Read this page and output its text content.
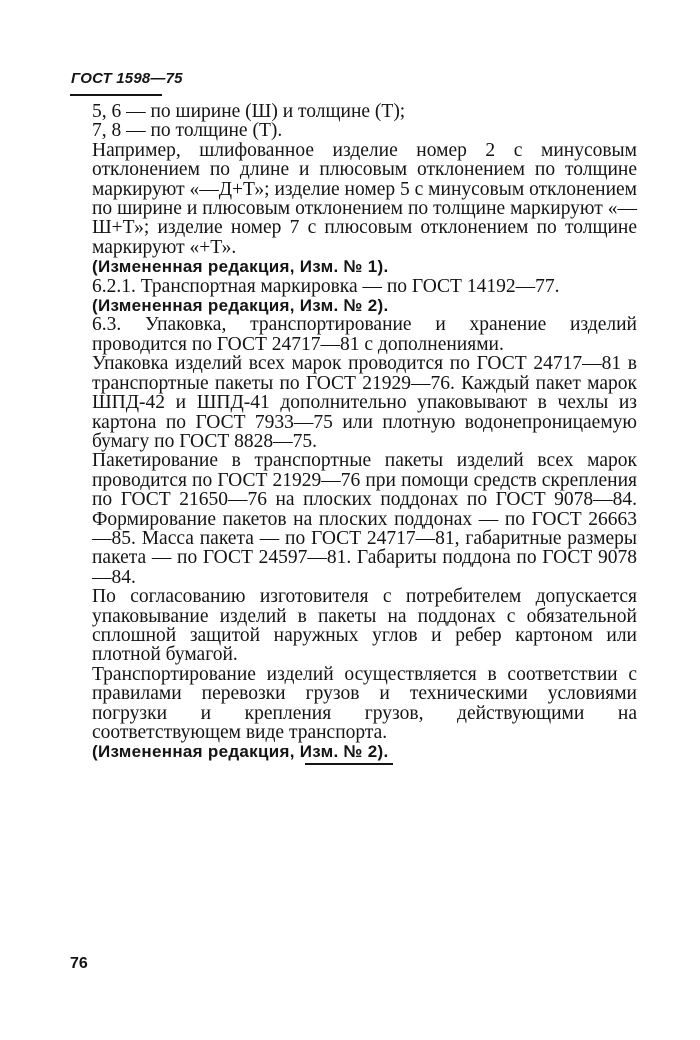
ГОСТ 1598—75

5, 6 — по ширине (Ш) и толщине (Т);

7, 8 — по толщине (Т).

Например, шлифованное изделие номер 2 с минусовым отклонением по длине и плюсовым отклонением по толщине маркируют «—Д+Т»; изделие номер 5 с минусовым отклонением по ширине и плюсовым отклонением по толщине маркируют «—Ш+Т»; изделие номер 7 с плюсовым отклонением по толщине маркируют «+Т».

(Измененная редакция, Изм. № 1).

6.2.1. Транспортная маркировка — по ГОСТ 14192—77.

(Измененная редакция, Изм. № 2).

6.3. Упаковка, транспортирование и хранение изделий проводится по ГОСТ 24717—81 с дополнениями.

Упаковка изделий всех марок проводится по ГОСТ 24717—81 в транспортные пакеты по ГОСТ 21929—76. Каждый пакет марок ШПД-42 и ШПД-41 дополнительно упаковывают в чехлы из картона по ГОСТ 7933—75 или плотную водонепроницаемую бумагу по ГОСТ 8828—75.

Пакетирование в транспортные пакеты изделий всех марок проводится по ГОСТ 21929—76 при помощи средств скрепления по ГОСТ 21650—76 на плоских поддонах по ГОСТ 9078—84. Формирование пакетов на плоских поддонах — по ГОСТ 26663—85. Масса пакета — по ГОСТ 24717—81, габаритные размеры пакета — по ГОСТ 24597—81. Габариты поддона по ГОСТ 9078—84.

По согласованию изготовителя с потребителем допускается упаковывание изделий в пакеты на поддонах с обязательной сплошной защитой наружных углов и ребер картоном или плотной бумагой.

Транспортирование изделий осуществляется в соответствии с правилами перевозки грузов и техническими условиями погрузки и крепления грузов, действующими на соответствующем виде транспорта.

(Измененная редакция, Изм. № 2).

76
